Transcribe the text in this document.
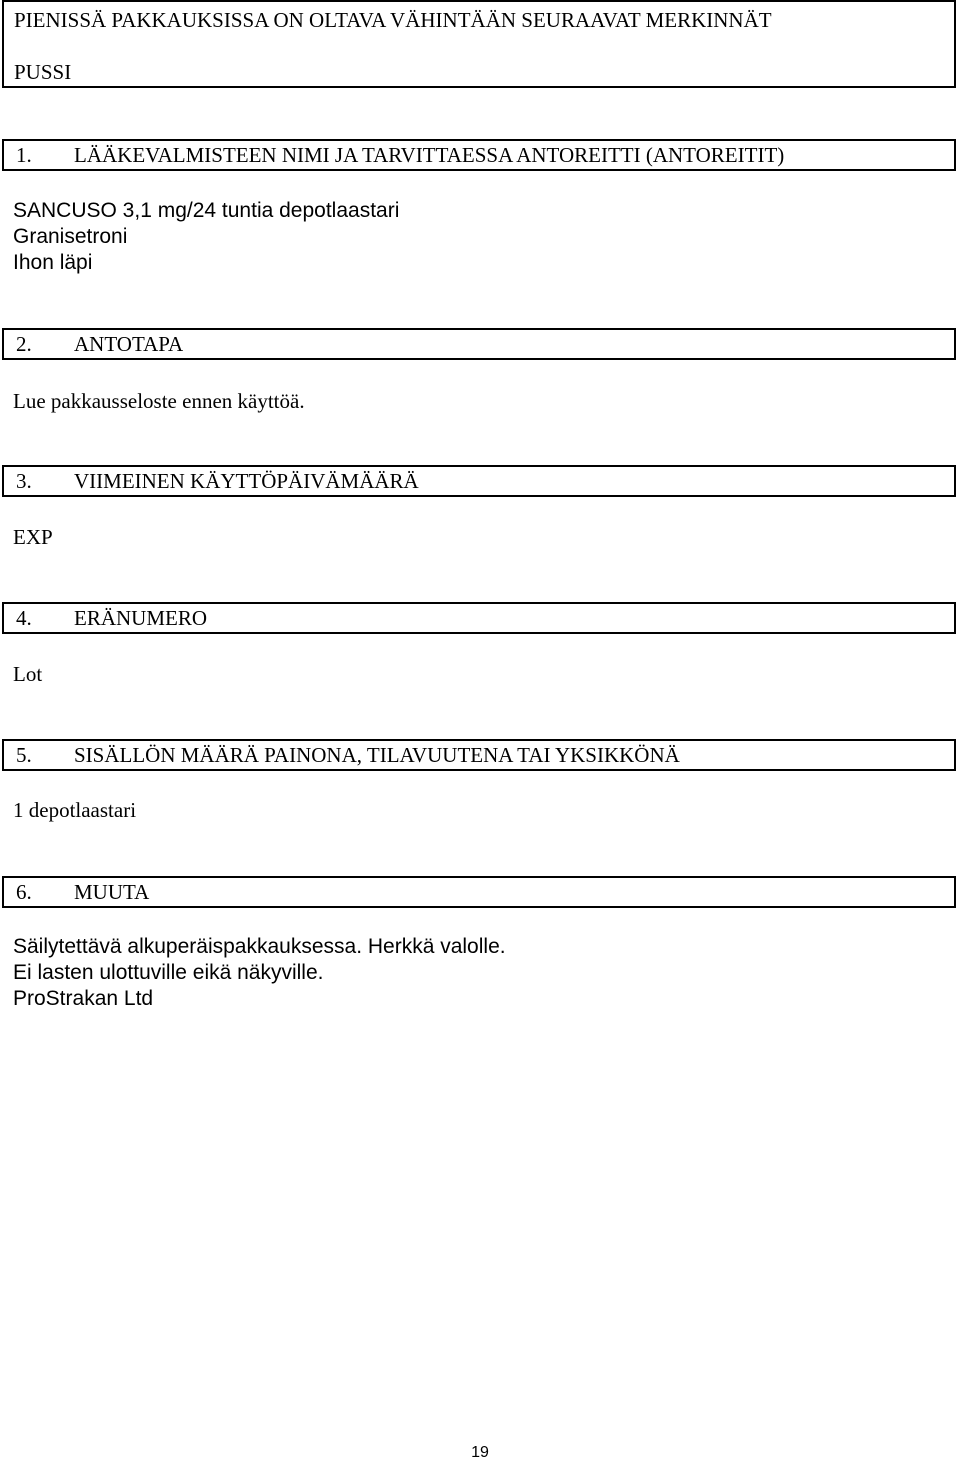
PIENISSÄ PAKKAUKSISSA ON OLTAVA VÄHINTÄÄN SEURAAVAT MERKINNÄT
PUSSI
1. LÄÄKEVALMISTEEN NIMI JA TARVITTAESSA ANTOREITTI (ANTOREITIT)
SANCUSO 3,1 mg/24 tuntia depotlaastari
Granisetroni
Ihon läpi
2. ANTOTAPA
Lue pakkausseloste ennen käyttöä.
3. VIIMEINEN KÄYTTÖPÄIVÄMÄÄRÄ
EXP
4. ERÄNUMERO
Lot
5. SISÄLLÖN MÄÄRÄ PAINONA, TILAVUUTENA TAI YKSIKKÖNÄ
1 depotlaastari
6. MUUTA
Säilytettävä alkuperäispakkauksessa. Herkkä valolle.
Ei lasten ulottuville eikä näkyville.
ProStrakan Ltd
19
